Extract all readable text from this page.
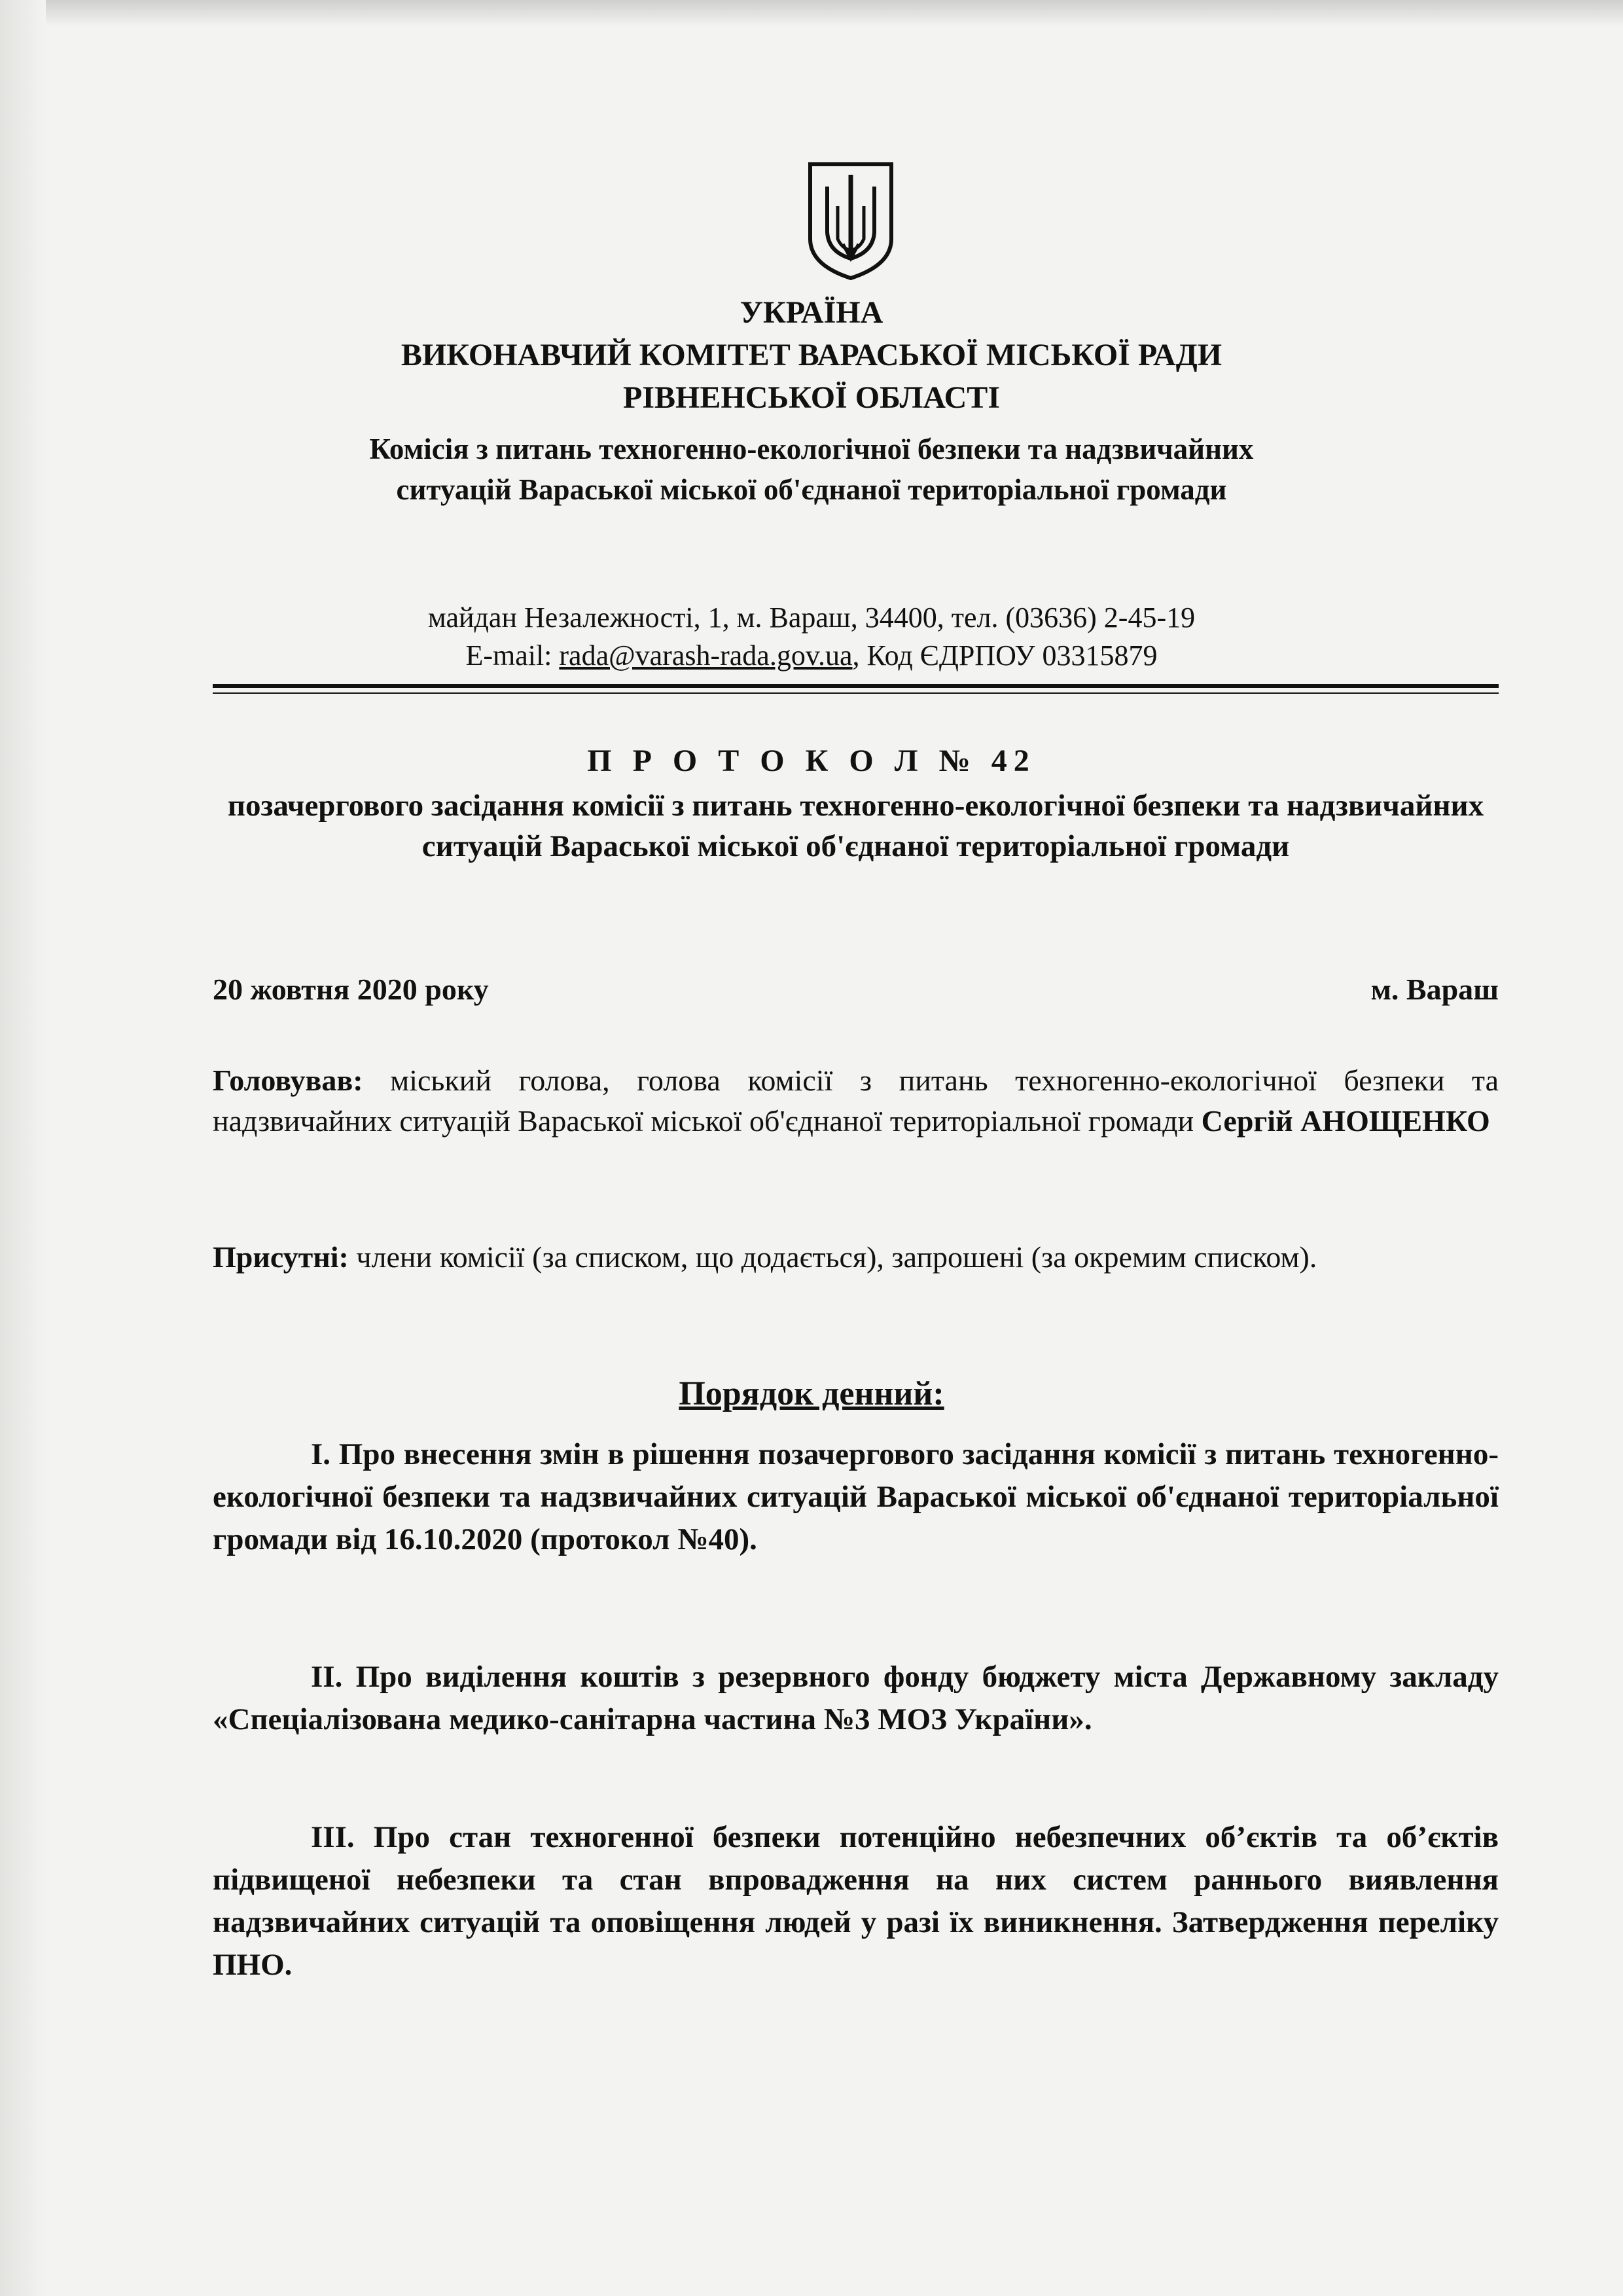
УКРАЇНА
ВИКОНАВЧИЙ КОМІТЕТ ВАРАСЬКОЇ МІСЬКОЇ РАДИ
РІВНЕНСЬКОЇ ОБЛАСТІ
Комісія з питань техногенно-екологічної безпеки та надзвичайних
ситуацій Вараської міської об'єднаної територіальної громади
майдан Незалежності, 1, м. Вараш, 34400, тел. (03636) 2-45-19
E-mail: rada@varash-rada.gov.ua, Код ЄДРПОУ 03315879
П Р О Т О К О Л № 42
позачергового засідання комісії з питань техногенно-екологічної безпеки та надзвичайних ситуацій Вараської міської об'єднаної територіальної громади
20 жовтня 2020 року	м. Вараш
Головував: міський голова, голова комісії з питань техногенно-екологічної безпеки та надзвичайних ситуацій Вараської міської об'єднаної територіальної громади Сергій АНОЩЕНКО
Присутні: члени комісії (за списком, що додається), запрошені (за окремим списком).
Порядок денний:
І. Про внесення змін в рішення позачергового засідання комісії з питань техногенно-екологічної безпеки та надзвичайних ситуацій Вараської міської об'єднаної територіальної громади від 16.10.2020 (протокол №40).
ІІ. Про виділення коштів з резервного фонду бюджету міста Державному закладу «Спеціалізована медико-санітарна частина №3 МОЗ України».
ІІІ. Про стан техногенної безпеки потенційно небезпечних об’єктів та об’єктів підвищеної небезпеки та стан впровадження на них систем раннього виявлення надзвичайних ситуацій та оповіщення людей у разі їх виникнення. Затвердження переліку ПНО.
